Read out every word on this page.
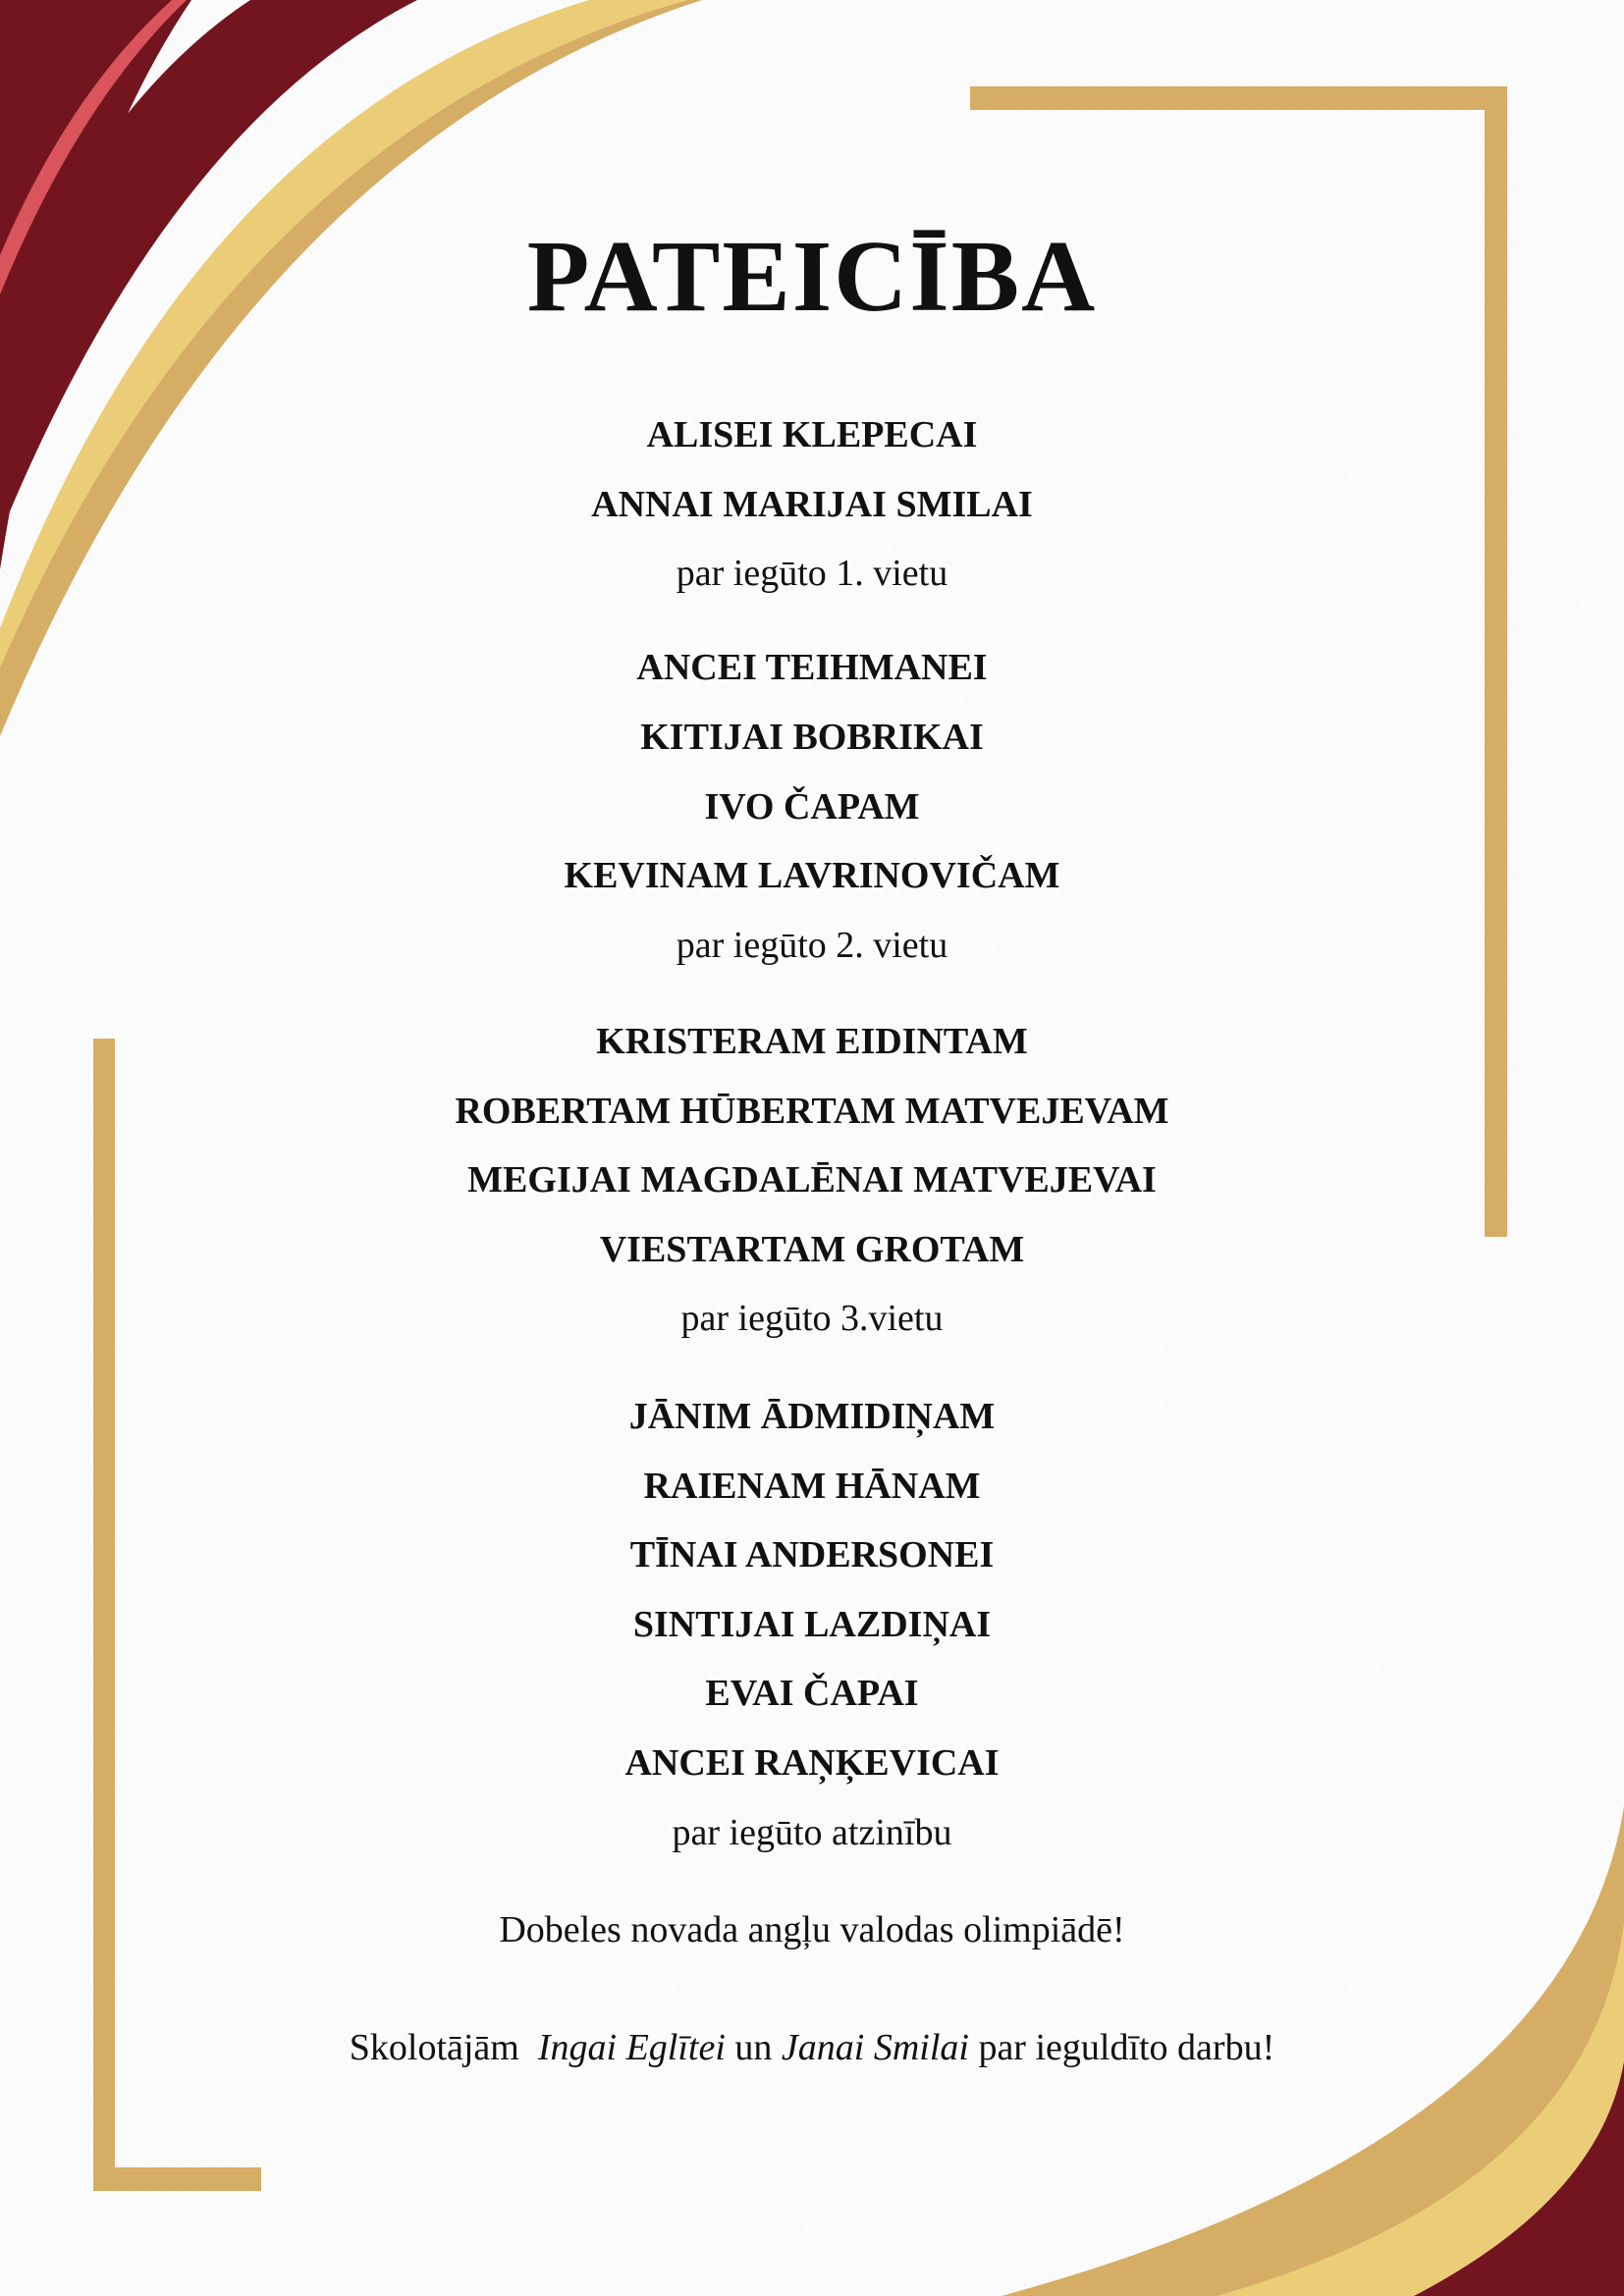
PATEICĪBA
ALISEI KLEPECAI
ANNAI MARIJAI SMILAI
par iegūto 1. vietu
ANCEI TEIHMANEI
KITIJAI BOBRIKAI
IVO ČAPAM
KEVINAM LAVRINOVIČAM
par iegūto 2. vietu
KRISTERAM EIDINTAM
ROBERTAM HŪBERTAM MATVEJEVAM
MEGIJAI MAGDALĒNAI MATVEJEVAI
VIESTARTAM GROTAM
par iegūto 3.vietu
JĀNIM ĀDMIDIŅAM
RAIENAM HĀNAM
TĪNAI ANDERSONEI
SINTIJAI LAZDIŅAI
EVAI ČAPAI
ANCEI RAŅĶEVICAI
par iegūto atzinību
Dobeles novada angļu valodas olimpiādē!
Skolotājām Ingai Eglītei un Janai Smilai par ieguldīto darbu!
